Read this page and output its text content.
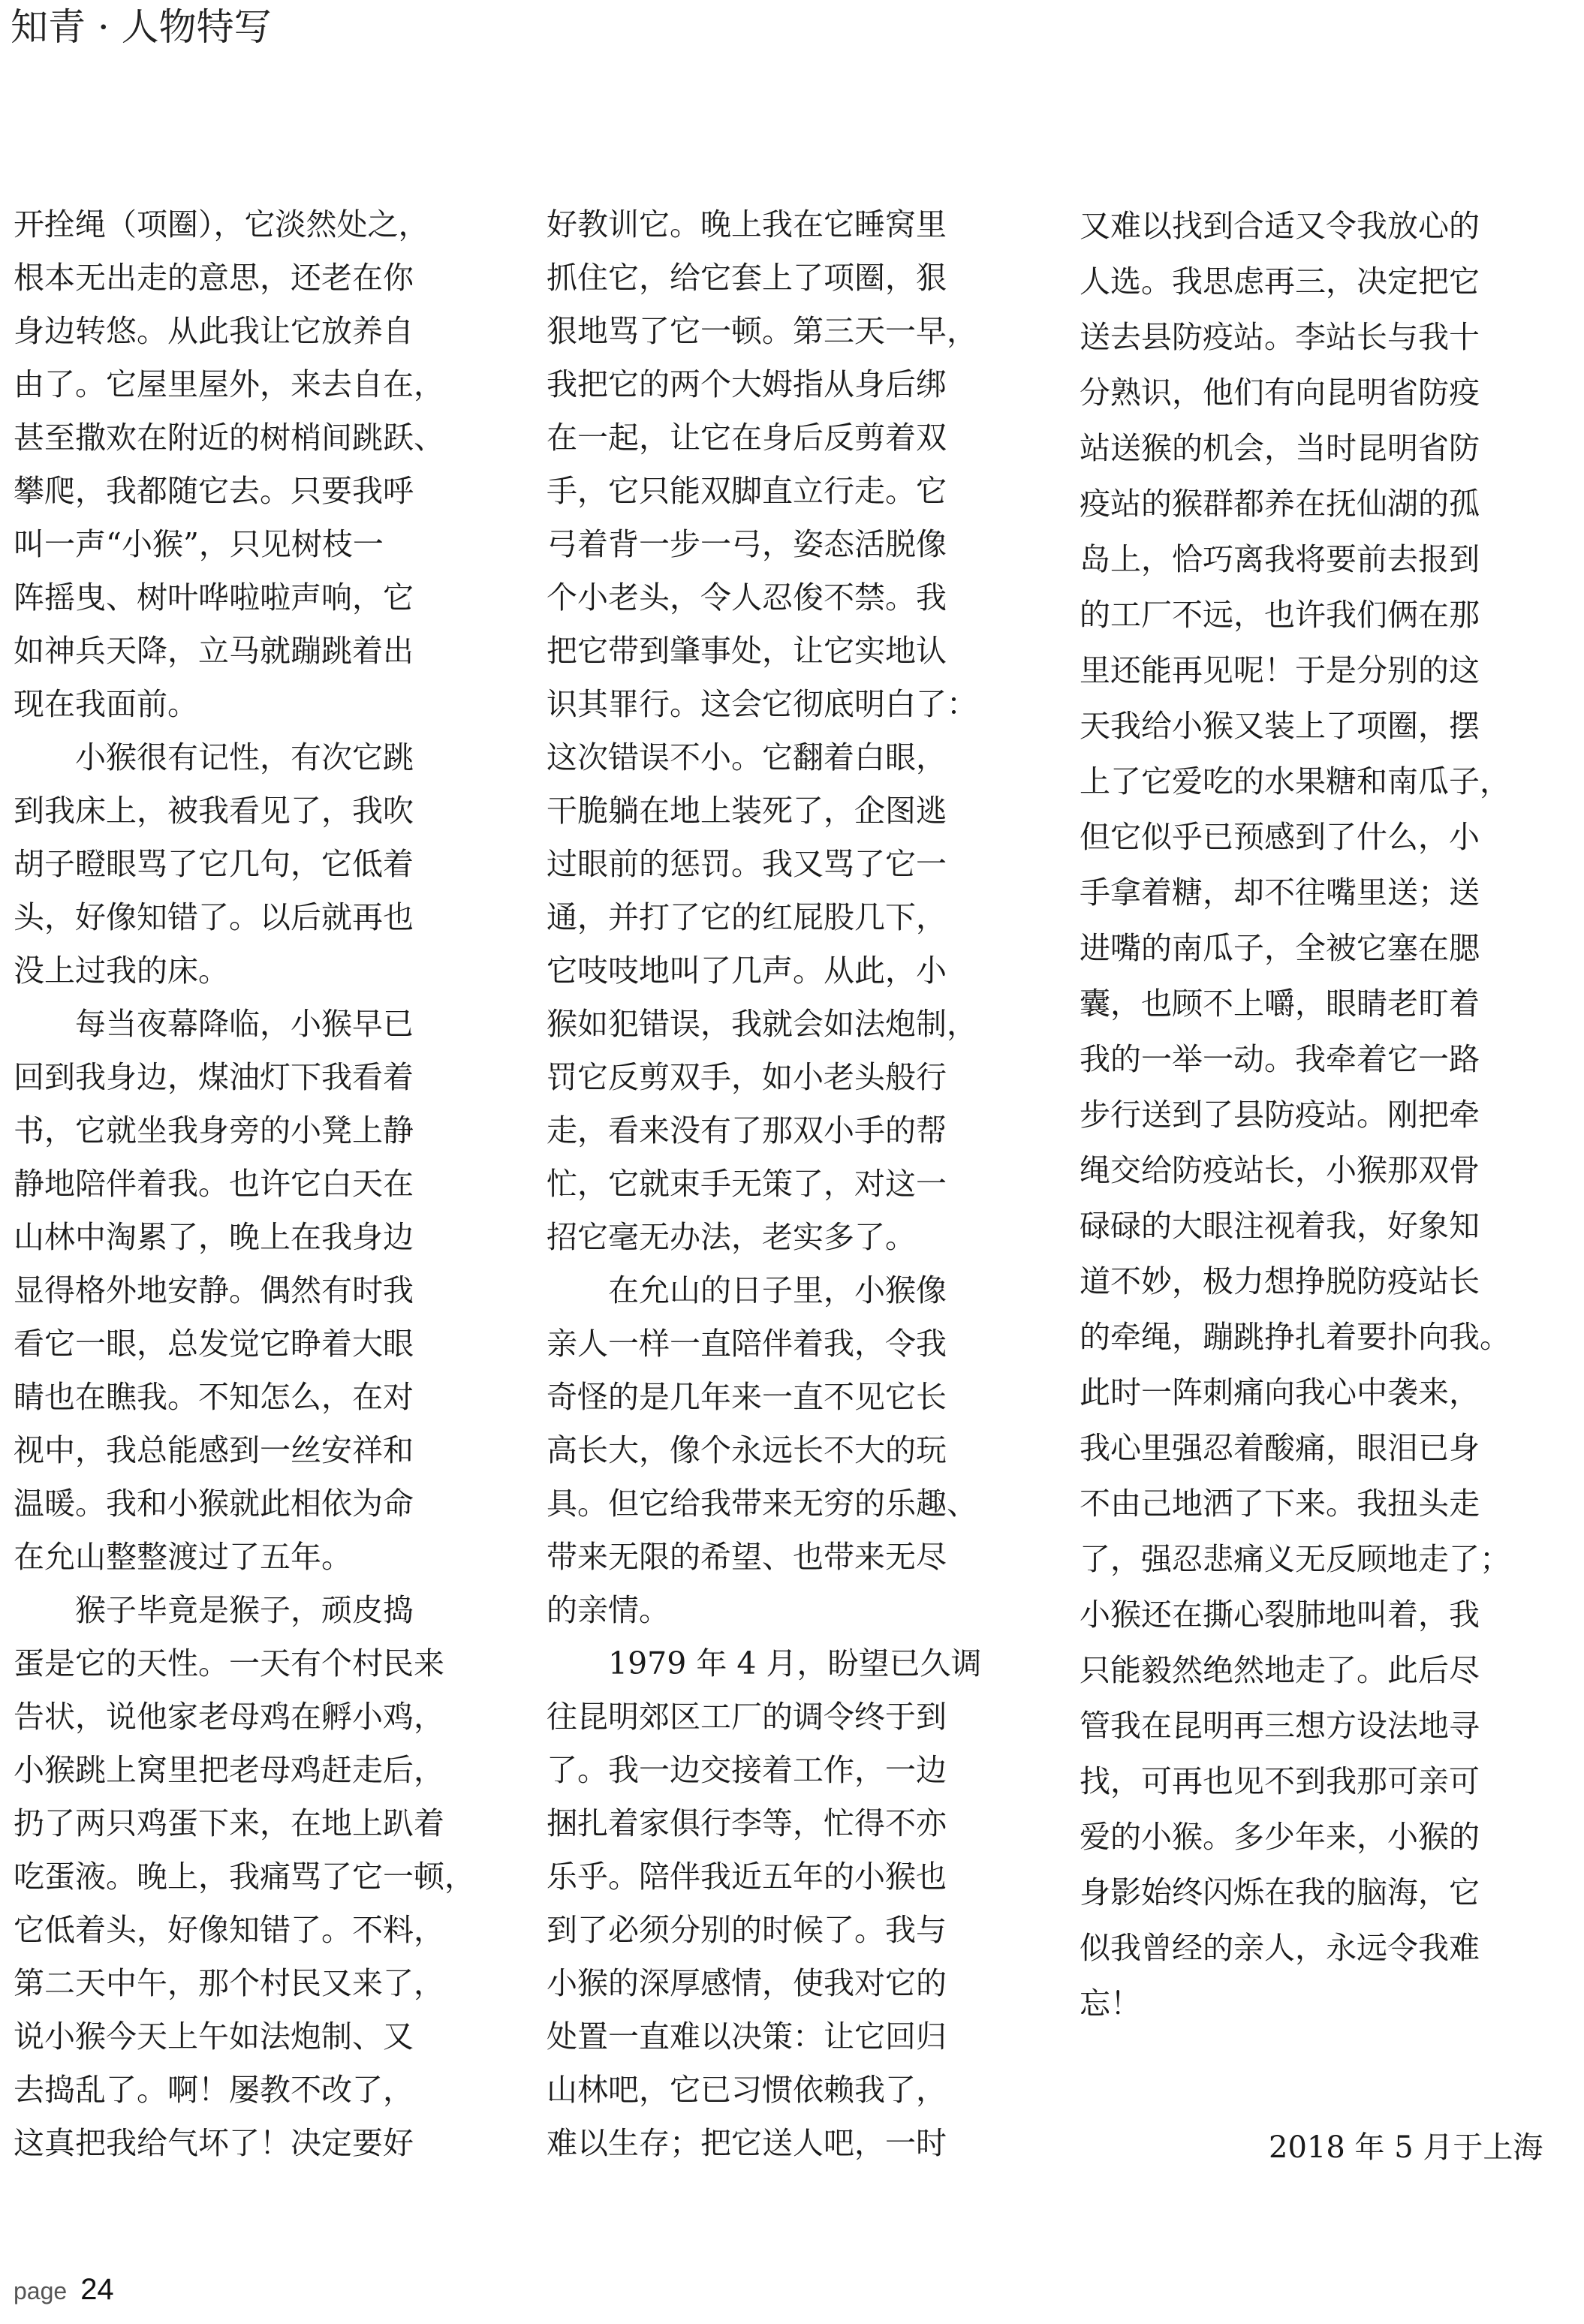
知青 · 人物特写

开拴绳（项圈），它淡然处之，

根本无出走的意思，还老在你

身边转悠。从此我让它放养自

由了。它屋里屋外，来去自在，

甚至撒欢在附近的树梢间跳跃、

攀爬，我都随它去。只要我呼

叫一声“小猴”，只见树枝一

阵摇曳、树叶哗啦啦声响，它

如神兵天降，立马就蹦跳着出

现在我面前。

小猴很有记性，有次它跳

到我床上，被我看见了，我吹

胡子瞪眼骂了它几句，它低着

头，好像知错了。以后就再也

没上过我的床。

每当夜幕降临，小猴早已

回到我身边，煤油灯下我看着

书，它就坐我身旁的小凳上静

静地陪伴着我。也许它白天在

山林中淘累了，晚上在我身边

显得格外地安静。偶然有时我

看它一眼，总发觉它睁着大眼

睛也在瞧我。不知怎么，在对

视中，我总能感到一丝安祥和

温暖。我和小猴就此相依为命

在允山整整渡过了五年。

猴子毕竟是猴子，顽皮捣

蛋是它的天性。一天有个村民来

告状，说他家老母鸡在孵小鸡，

小猴跳上窝里把老母鸡赶走后，

扔了两只鸡蛋下来，在地上趴着

吃蛋液。晚上，我痛骂了它一顿，

它低着头，好像知错了。不料，

第二天中午，那个村民又来了，

说小猴今天上午如法炮制、又

去捣乱了。啊！屡教不改了，

这真把我给气坏了！决定要好

好教训它。晚上我在它睡窝里

抓住它，给它套上了项圈，狠

狠地骂了它一顿。第三天一早，

我把它的两个大姆指从身后绑

在一起，让它在身后反剪着双

手，它只能双脚直立行走。它

弓着背一步一弓，姿态活脱像

个小老头，令人忍俊不禁。我

把它带到肇事处，让它实地认

识其罪行。这会它彻底明白了：

这次错误不小。它翻着白眼，

干脆躺在地上装死了，企图逃

过眼前的惩罚。我又骂了它一

通，并打了它的红屁股几下，

它吱吱地叫了几声。从此，小

猴如犯错误，我就会如法炮制，

罚它反剪双手，如小老头般行

走，看来没有了那双小手的帮

忙，它就束手无策了，对这一

招它毫无办法，老实多了。

在允山的日子里，小猴像

亲人一样一直陪伴着我，令我

奇怪的是几年来一直不见它长

高长大，像个永远长不大的玩

具。但它给我带来无穷的乐趣、

带来无限的希望、也带来无尽

的亲情。

1979 年 4 月，盼望已久调

往昆明郊区工厂的调令终于到

了。我一边交接着工作，一边

捆扎着家俱行李等，忙得不亦

乐乎。陪伴我近五年的小猴也

到了必须分别的时候了。我与

小猴的深厚感情，使我对它的

处置一直难以决策：让它回归

山林吧，它已习惯依赖我了，

难以生存；把它送人吧，一时

又难以找到合适又令我放心的

人选。我思虑再三，决定把它

送去县防疫站。李站长与我十

分熟识，他们有向昆明省防疫

站送猴的机会，当时昆明省防

疫站的猴群都养在抚仙湖的孤

岛上，恰巧离我将要前去报到

的工厂不远，也许我们俩在那

里还能再见呢！于是分别的这

天我给小猴又装上了项圈，摆

上了它爱吃的水果糖和南瓜子，

但它似乎已预感到了什么，小

手拿着糖，却不往嘴里送；送

进嘴的南瓜子，全被它塞在腮

囊，也顾不上嚼，眼睛老盯着

我的一举一动。我牵着它一路

步行送到了县防疫站。刚把牵

绳交给防疫站长，小猴那双骨

碌碌的大眼注视着我，好象知

道不妙，极力想挣脱防疫站长

的牵绳，蹦跳挣扎着要扑向我。

此时一阵刺痛向我心中袭来，

我心里强忍着酸痛，眼泪已身

不由己地洒了下来。我扭头走

了，强忍悲痛义无反顾地走了；

小猴还在撕心裂肺地叫着，我

只能毅然绝然地走了。此后尽

管我在昆明再三想方设法地寻

找，可再也见不到我那可亲可

爱的小猴。多少年来，小猴的

身影始终闪烁在我的脑海，它

似我曾经的亲人，永远令我难

忘！

2018 年 5 月于上海
page 24
